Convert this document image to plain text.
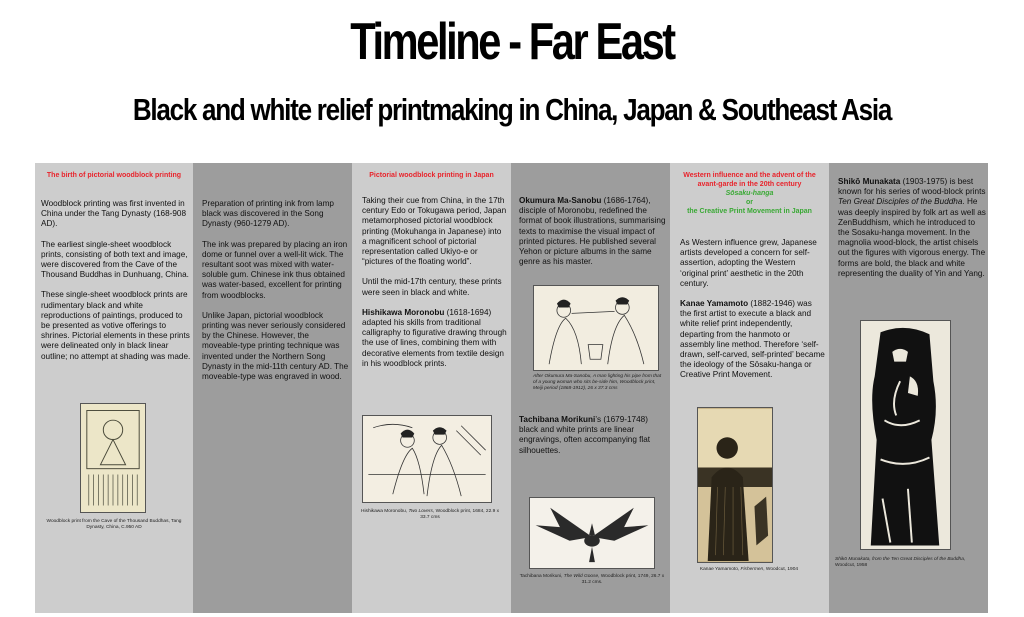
Timeline - Far East
Black and white relief printmaking in China, Japan & Southeast Asia
The birth of pictorial woodblock printing

Woodblock printing was first invented in China under the Tang Dynasty (168-908 AD).

The earliest single-sheet woodblock prints, consisting of both text and image, were discovered from the Cave of the Thousand Buddhas in Dunhuang, China.

These single-sheet woodblock prints are rudimentary black and white reproductions of paintings, produced to be presented as votive offerings to shrines. Pictorial elements in these prints were delineated only in black linear outline; no attempt at shading was made.

Woodblock print from the Cave of the Thousand Buddhas, Tang Dynasty, China, C.950 AD

Preparation of printing ink from lamp black was discovered in the Song Dynasty (960-1279 AD).

The ink was prepared by placing an iron dome or funnel over a well-lit wick. The resultant soot was mixed with water-soluble gum. Chinese ink thus obtained was water-based, excellent for printing from woodblocks.

Unlike Japan, pictorial woodblock printing was never seriously considered by the Chinese. However, the moveable-type printing technique was invented under the Northern Song Dynasty in the mid-11th century AD. The moveable-type was engraved in wood.

Pictorial woodblock printing in Japan

Taking their cue from China, in the 17th century Edo or Tokugawa period, Japan metamorphosed pictorial woodblock printing (Mokuhanga in Japanese) into a magnificent school of pictorial representation called Ukiyo-e or “pictures of the floating world”.

Until the mid-17th century, these prints were seen in black and white.

Hishikawa Moronobu (1618-1694) adapted his skills from traditional calligraphy to figurative drawing through the use of lines, combining them with decorative elements from textile design in his woodblock prints.

Hishikawa Moronobu, Two Lovers, Woodblock print, 1684, 22.9 x 33.7 cms

Okumura Ma-Sanobu (1686-1764), disciple of Moronobu, redefined the format of book illustrations, summarising texts to maximise the visual impact of printed pictures. He published several Yehon or picture albums in the same genre as his master.

After Okumura Ma-Sanobu, A man lighting his pipe from that of a young woman who sits be-side him, Woodblock print, Meiji period (1868-1912), 26 x 37.3 cms

Tachibana Morikuni’s (1679-1748) black and white prints are linear engravings, often accompanying flat silhouettes.

Tachibana Morikuni, The Wild Goose, Woodblock print, 1749, 26.7 x 31.2 cms.
Western influence and the advent of the
avant-garde in the 20th century
Sōsaku-hanga
or
the Creative Print Movement in Japan

As Western influence grew, Japanese artists developed a concern for self-assertion, adopting the Western ‘original print’ aesthetic in the 20th century.

Kanae Yamamoto (1882-1946) was the first artist to execute a black and white relief print independently, departing from the hanmoto or assembly line method. Therefore ‘self-drawn, self-carved, self-printed’ became the ideology of the Sōsaku-hanga or Creative Print Movement.

Kanae Yamamoto, Fishermen, Woodcut, 1904

Shikō Munakata (1903-1975) is best known for his series of wood-block prints Ten Great Disciples of the Buddha. He was deeply inspired by folk art as well as ZenBuddhism, which he introduced to the Sosaku-hanga movement. In the magnolia wood-block, the artist chisels out the figures with vigorous energy. The forms are bold, the black and white representing the duality of Yin and Yang.

Shikō Munakata, from the Ten Great Disciples of the Buddha, Woodcut, 1958
